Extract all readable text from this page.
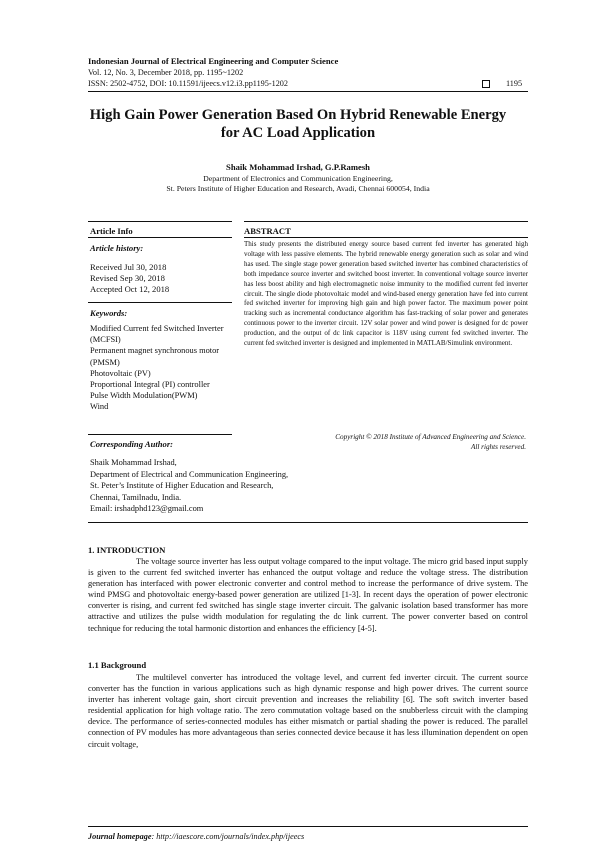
Indonesian Journal of Electrical Engineering and Computer Science
Vol. 12, No. 3, December 2018, pp. 1195~1202
ISSN: 2502-4752, DOI: 10.11591/ijeecs.v12.i3.pp1195-1202	1195
High Gain Power Generation Based On Hybrid Renewable Energy for AC Load Application
Shaik Mohammad Irshad, G.P.Ramesh
Department of Electronics and Communication Engineering,
St. Peters Institute of Higher Education and Research, Avadi, Chennai 600054, India
Article Info	ABSTRACT
Article history:
Received Jul 30, 2018
Revised Sep 30, 2018
Accepted Oct 12, 2018
Keywords:
Modified Current fed Switched Inverter (MCFSI)
Permanent magnet synchronous motor (PMSM)
Photovoltaic (PV)
Proportional Integral (PI) controller
Pulse Width Modulation(PWM)
Wind
This study presents the distributed energy source based current fed inverter has generated high voltage with less passive elements. The hybrid renewable energy generation such as solar and wind has used. The single stage power generation based switched inverter has combined characteristics of both impedance source inverter and switched boost inverter. In conventional voltage source inverter has less boost ability and high electromagnetic noise immunity to the modified current fed inverter circuit. The single diode photovoltaic model and wind-based energy generation have fed into current fed switched inverter for improving high gain and high power factor. The maximum power point tracking such as incremental conductance algorithm has fast-tracking of solar power and generates continuous power to the inverter circuit. 12V solar power and wind power is designed for dc power production, and the output of dc link capacitor is 118V using current fed switched inverter. The current fed switched inverter is designed and implemented in MATLAB/Simulink environment.
Copyright © 2018 Institute of Advanced Engineering and Science.
All rights reserved.
Corresponding Author:
Shaik Mohammad Irshad,
Department of Electrical and Communication Engineering,
St. Peter’s Institute of Higher Education and Research,
Chennai, Tamilnadu, India.
Email: irshadphd123@gmail.com
1. INTRODUCTION
The voltage source inverter has less output voltage compared to the input voltage. The micro grid based input supply is given to the current fed switched inverter has enhanced the output voltage and reduce the voltage stress. The distribution generation has interfaced with power electronic converter and control method to increase the performance of drive system. The wind PMSG and photovoltaic energy-based power generation are utilized [1-3]. In recent days the operation of power electronic converter is rising, and current fed switched has single stage inverter circuit. The galvanic isolation based transformer has more attractive and utilizes the pulse width modulation for regulating the dc link current. The power converter based on control technique for reducing the total harmonic distortion and enhances the efficiency [4-5].
1.1 Background
The multilevel converter has introduced the voltage level, and current fed inverter circuit. The current source converter has the function in various applications such as high dynamic response and high power drives. The current source inverter has inherent voltage gain, short circuit prevention and increases the reliability [6]. The soft switch inverter based residential application for high voltage ratio. The zero commutation voltage based on the snubberless circuit with the clamping device. The performance of series-connected modules has either mismatch or partial shading the power is reduced. The parallel connection of PV modules has more advantageous than series connected device because it has less illumination dependent on open circuit voltage,
Journal homepage: http://iaescore.com/journals/index.php/ijeecs
